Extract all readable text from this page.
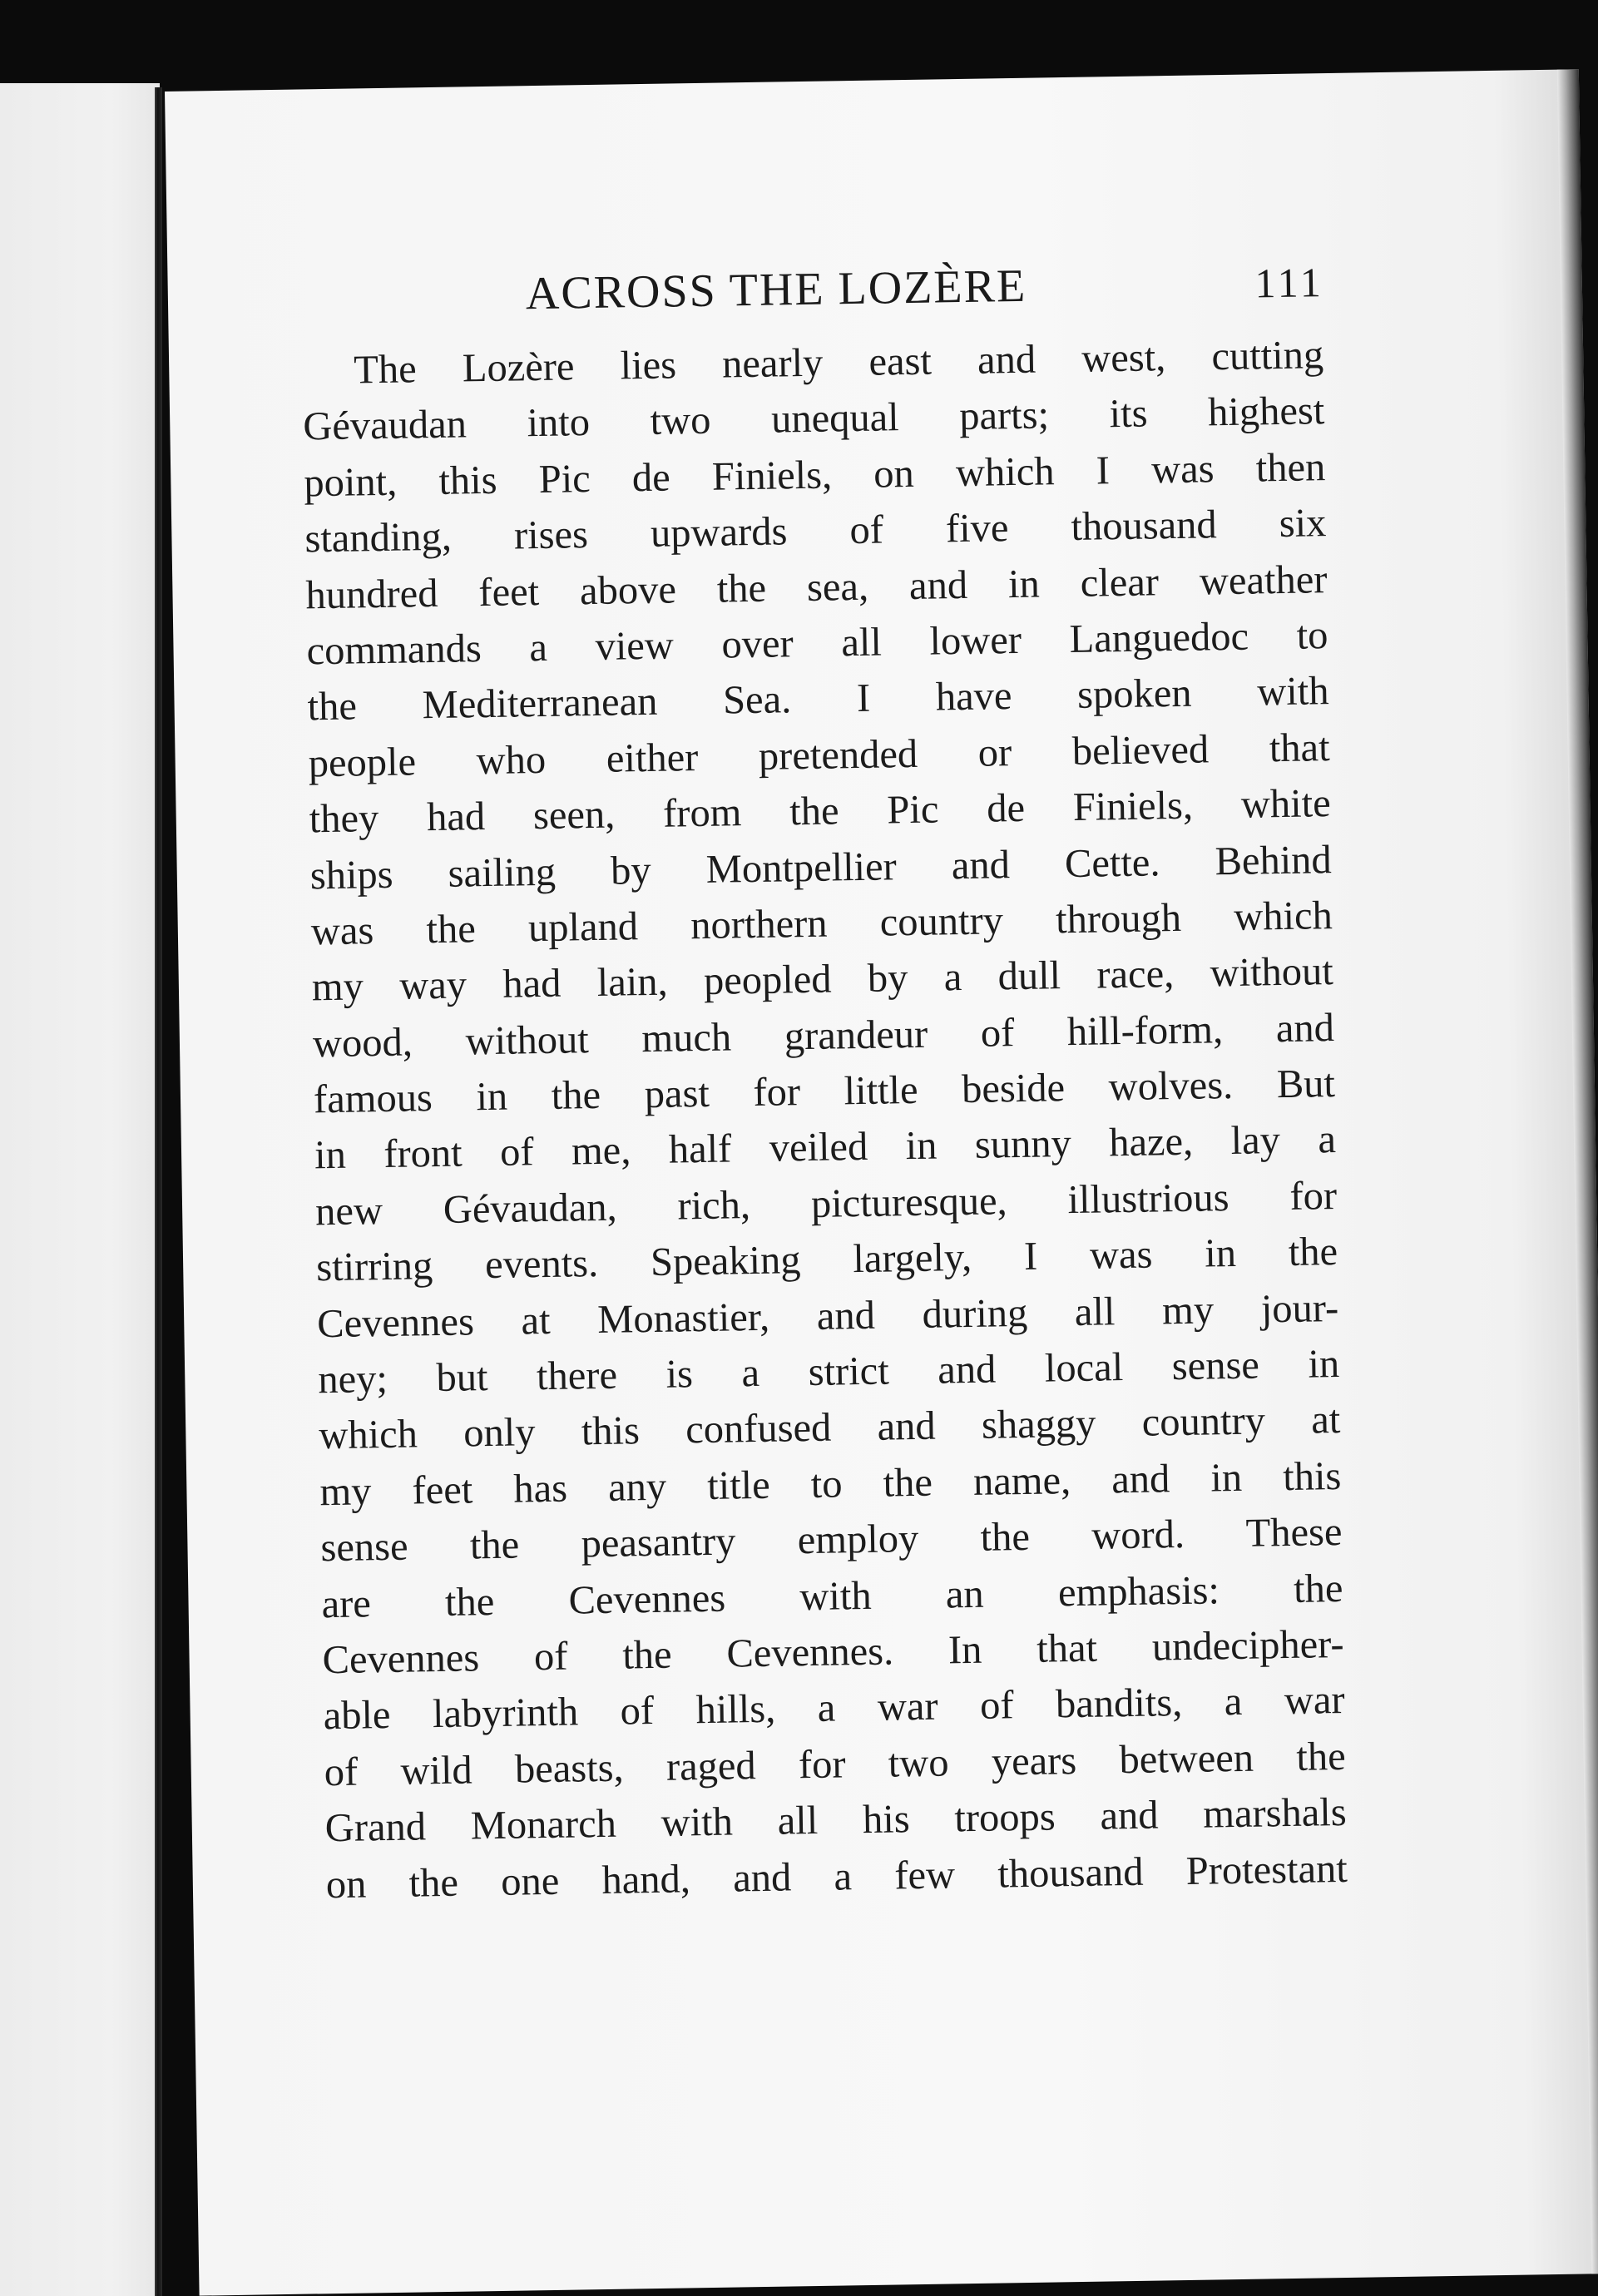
ACROSS THE LOZÈRE	111
The Lozère lies nearly east and west, cutting
Gévaudan into two unequal parts; its highest
point, this Pic de Finiels, on which I was then
standing, rises upwards of five thousand six
hundred feet above the sea, and in clear weather
commands a view over all lower Languedoc to
the Mediterranean Sea. I have spoken with
people who either pretended or believed that
they had seen, from the Pic de Finiels, white
ships sailing by Montpellier and Cette. Behind
was the upland northern country through which
my way had lain, peopled by a dull race, without
wood, without much grandeur of hill-form, and
famous in the past for little beside wolves. But
in front of me, half veiled in sunny haze, lay a
new Gévaudan, rich, picturesque, illustrious for
stirring events. Speaking largely, I was in the
Cevennes at Monastier, and during all my jour-
ney; but there is a strict and local sense in
which only this confused and shaggy country at
my feet has any title to the name, and in this
sense the peasantry employ the word. These
are the Cevennes with an emphasis: the
Cevennes of the Cevennes. In that undecipher-
able labyrinth of hills, a war of bandits, a war
of wild beasts, raged for two years between the
Grand Monarch with all his troops and marshals
on the one hand, and a few thousand Protestant
